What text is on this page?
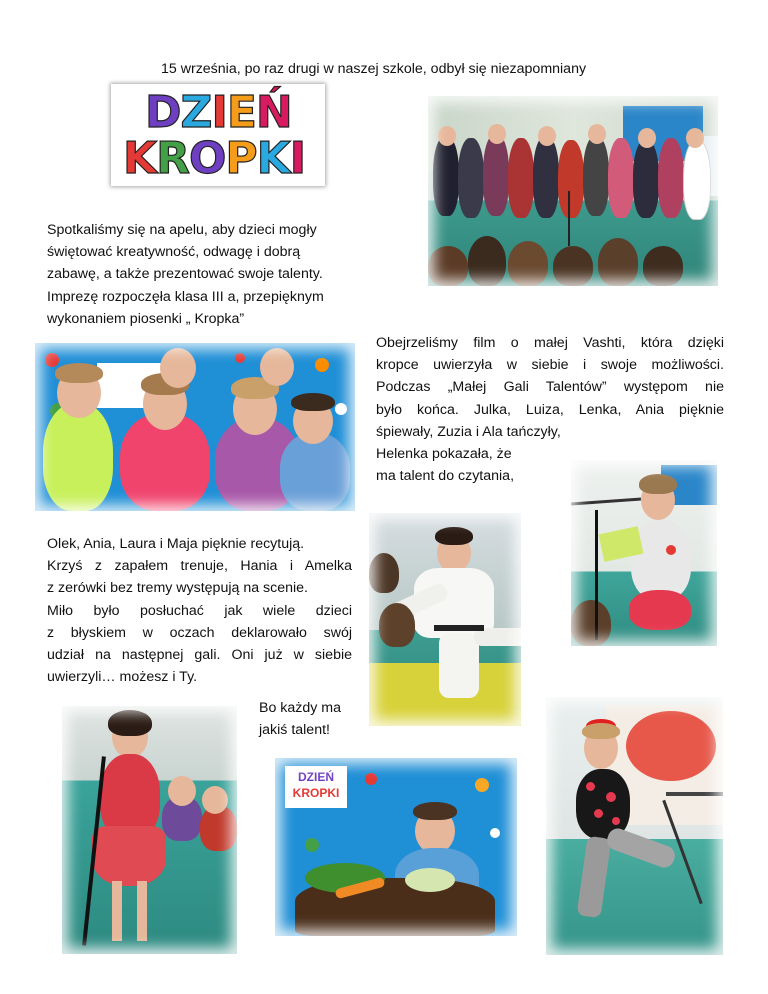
15 września, po raz drugi w naszej szkole, odbył się niezapomniany
DZIEŃ
KROPKI
Spotkaliśmy się na apelu, aby dzieci mogły
świętować kreatywność, odwagę i dobrą
zabawę, a także prezentować swoje talenty.
Imprezę rozpoczęła klasa III a, przepięknym
wykonaniem piosenki „ Kropka”
Obejrzeliśmy film o małej Vashti, która dzięki
kropce uwierzyła w siebie i swoje możliwości.
Podczas „Małej Gali Talentów” występom nie
było końca. Julka, Luiza, Lenka, Ania pięknie
śpiewały, Zuzia i Ala tańczyły,
Helenka pokazała, że
ma talent do czytania,
Olek, Ania, Laura i Maja pięknie recytują.
Krzyś z zapałem trenuje, Hania i Amelka
z zerówki bez tremy występują na scenie.
Miło było posłuchać jak wiele dzieci
z błyskiem w oczach deklarowało swój
udział na następnej gali. Oni już w siebie
uwierzyli… możesz i Ty.
Bo każdy ma
jakiś talent!
DZIEŃ
KROPKI
